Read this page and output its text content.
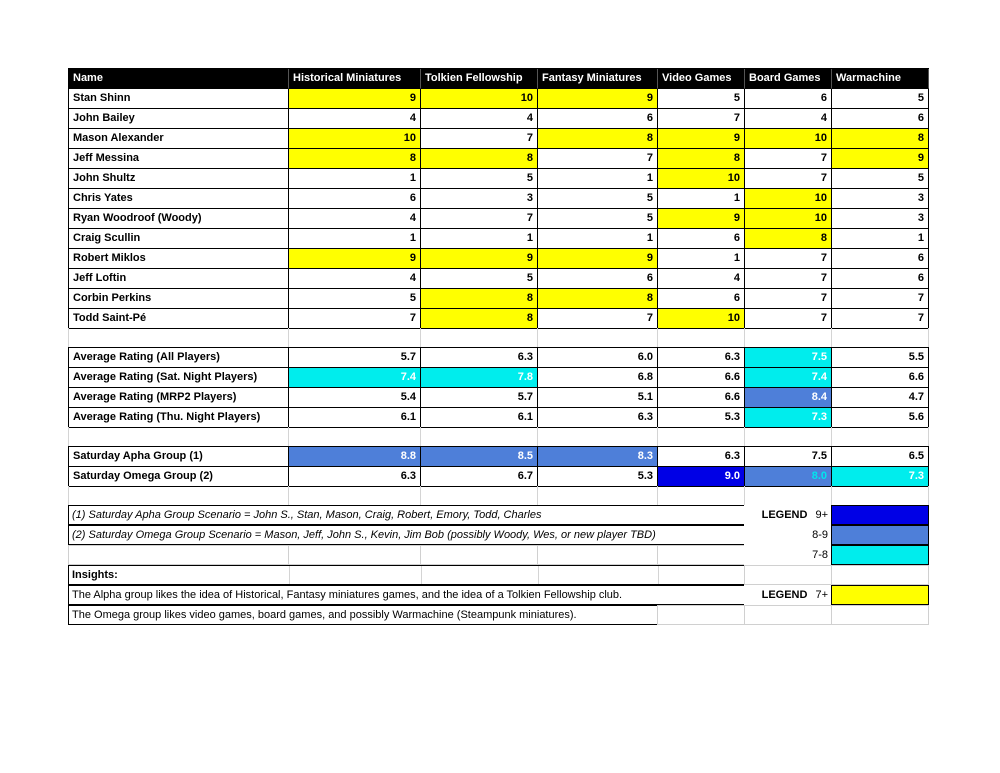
Name	Historical Miniatures	Tolkien Fellowship	Fantasy Miniatures	Video Games	Board Games	Warmachine
Stan Shinn	9	10	9	5	6	5
John Bailey	4	4	6	7	4	6
Mason Alexander	10	7	8	9	10	8
Jeff Messina	8	8	7	8	7	9
John Shultz	1	5	1	10	7	5
Chris Yates	6	3	5	1	10	3
Ryan Woodroof (Woody)	4	7	5	9	10	3
Craig Scullin	1	1	1	6	8	1
Robert Miklos	9	9	9	1	7	6
Jeff Loftin	4	5	6	4	7	6
Corbin Perkins	5	8	8	6	7	7
Todd Saint-Pé	7	8	7	10	7	7
Average Rating (All Players)	5.7	6.3	6.0	6.3	7.5	5.5
Average Rating (Sat. Night Players)	7.4	7.8	6.8	6.6	7.4	6.6
Average Rating (MRP2 Players)	5.4	5.7	5.1	6.6	8.4	4.7
Average Rating (Thu. Night Players)	6.1	6.1	6.3	5.3	7.3	5.6
Saturday Apha Group (1)	8.8	8.5	8.3	6.3	7.5	6.5
Saturday Omega Group (2)	6.3	6.7	5.3	9.0	8.0	7.3
(1) Saturday Apha Group Scenario = John S., Stan, Mason, Craig, Robert, Emory, Todd, Charles	LEGEND 9+
(2) Saturday Omega Group Scenario = Mason, Jeff, John S., Kevin, Jim Bob (possibly Woody, Wes, or new player TBD)	8-9
7-8
Insights:
The Alpha group likes the idea of Historical, Fantasy miniatures games, and the idea of a Tolkien Fellowship club.	LEGEND 7+
The Omega group likes video games, board games, and possibly Warmachine (Steampunk miniatures).
